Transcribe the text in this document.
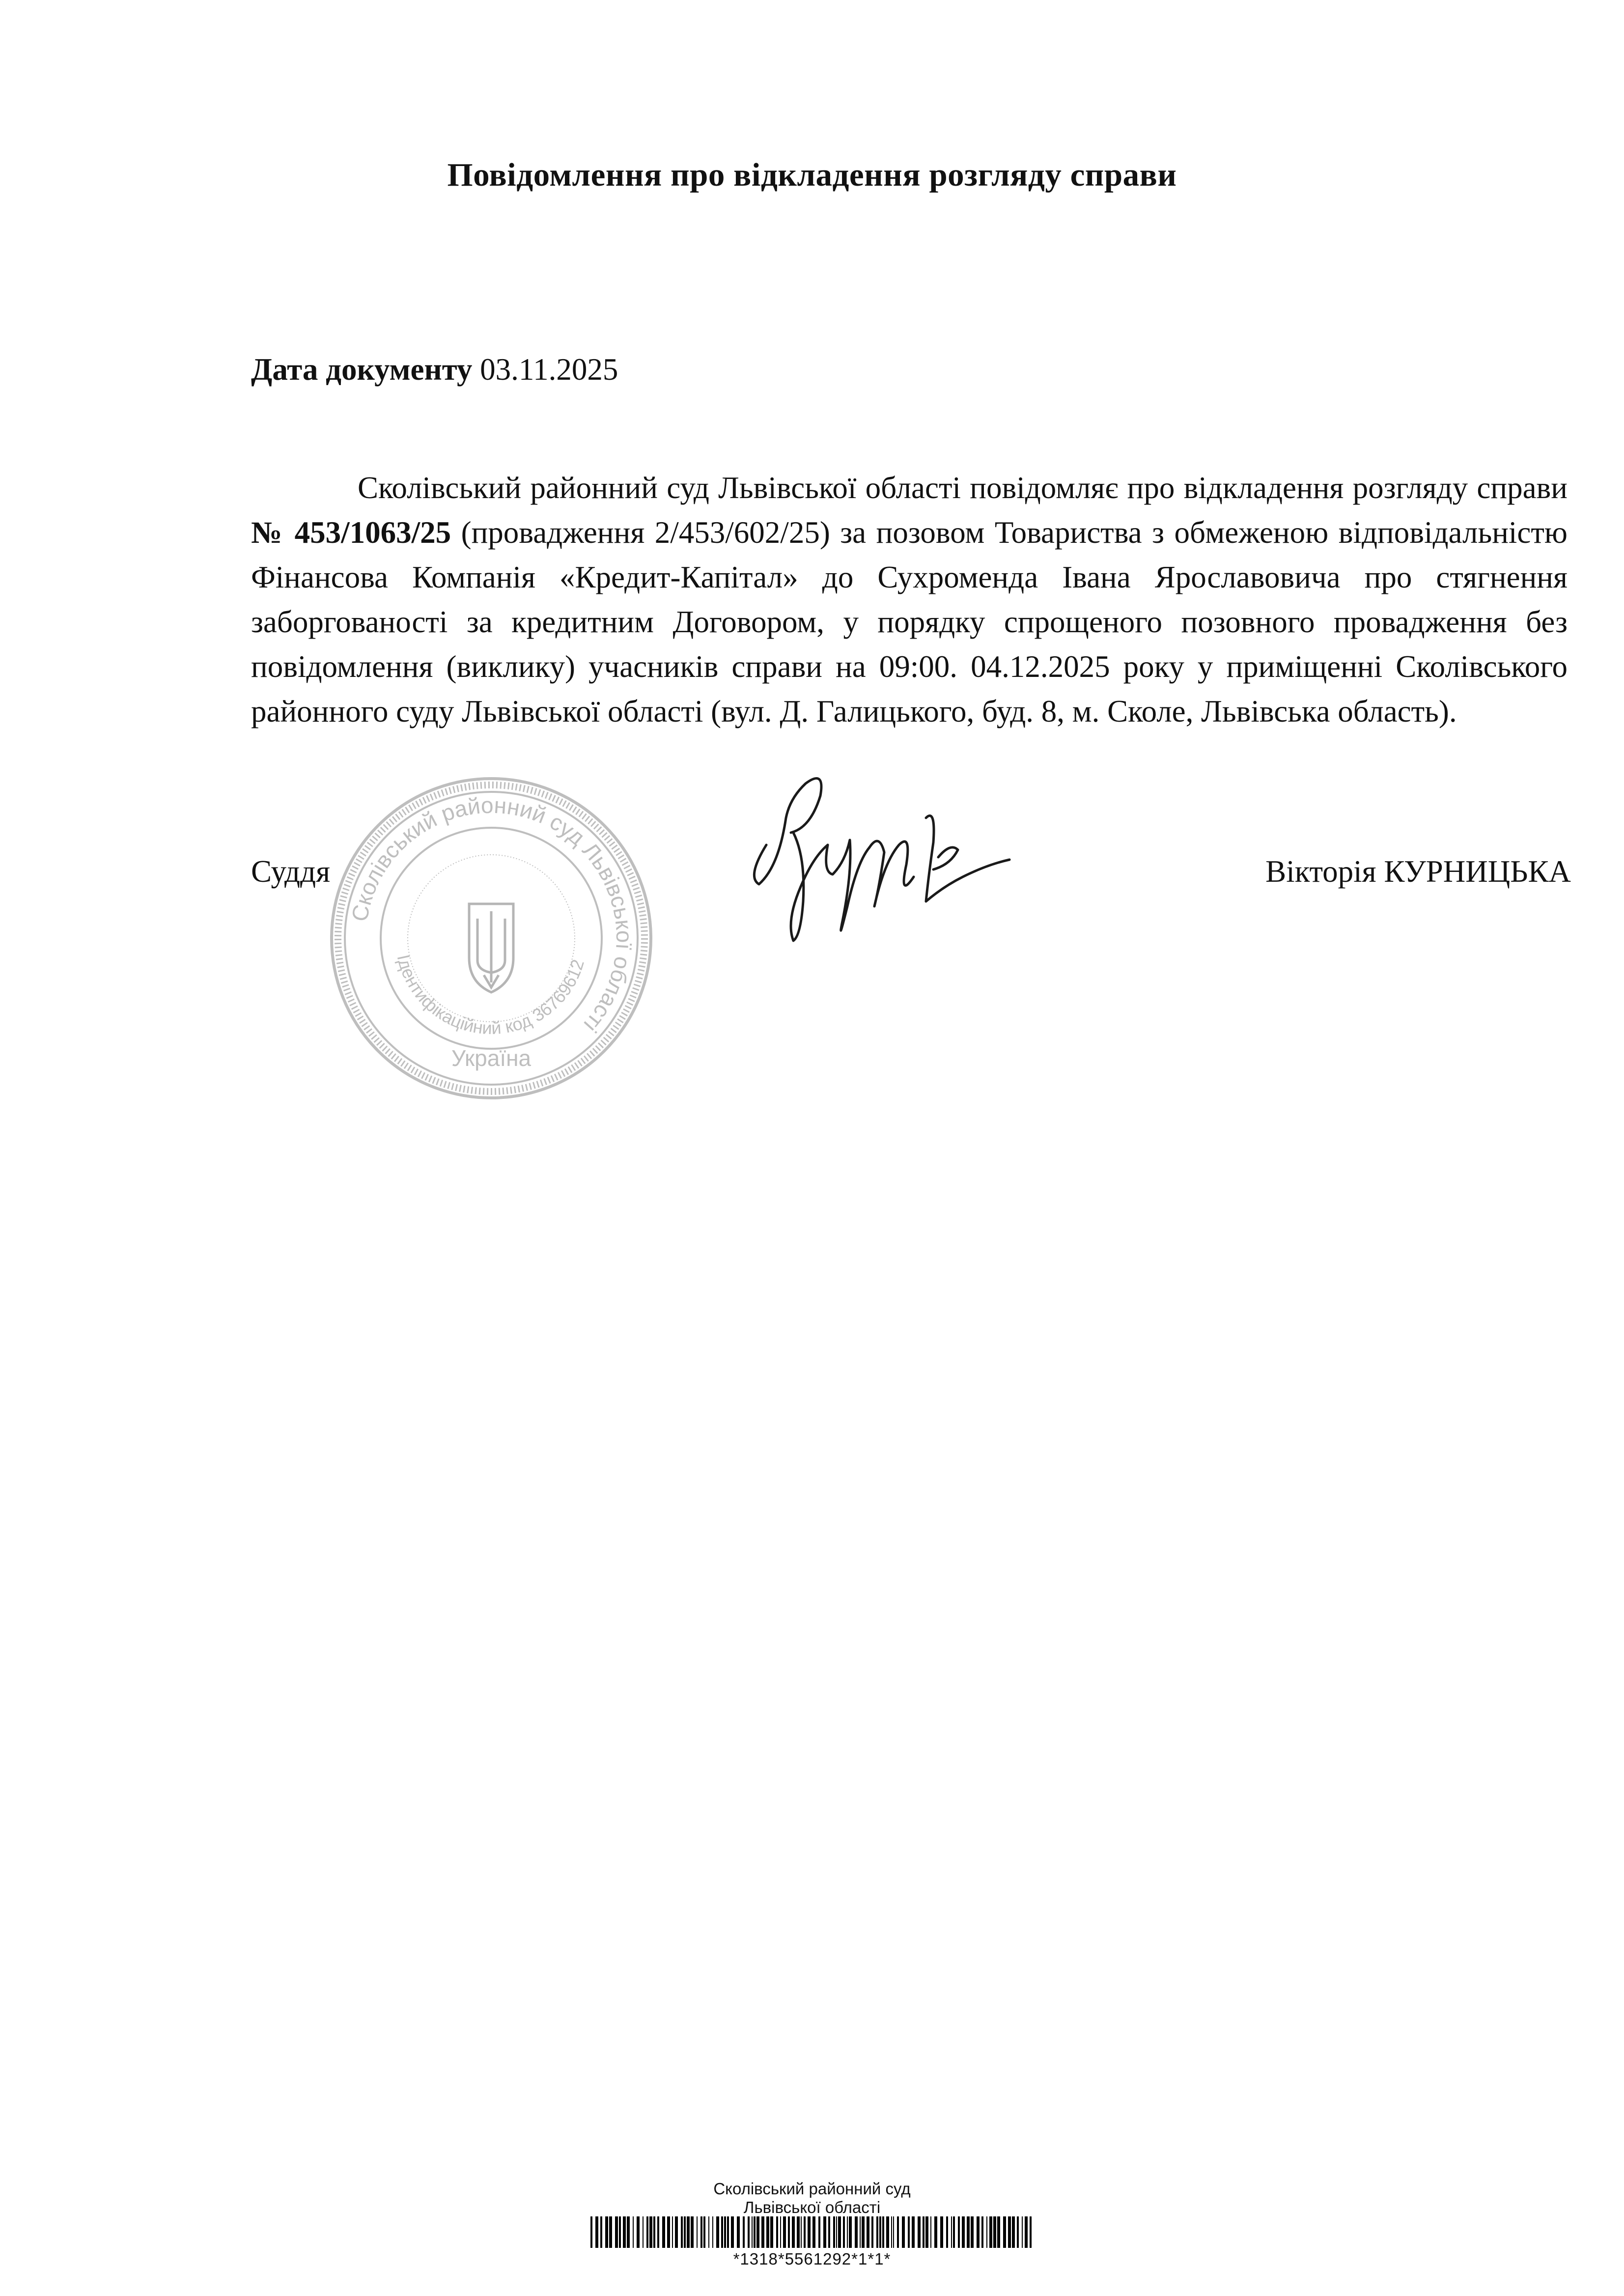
Повідомлення про відкладення розгляду справи
Дата документу 03.11.2025
Сколівський районний суд Львівської області повідомляє про відкладення розгляду справи № 453/1063/25 (провадження 2/453/602/25) за позовом Товариства з обмеженою відповідальністю Фінансова Компанія «Кредит-Капітал» до Сухроменда Івана Ярославовича про стягнення заборгованості за кредитним Договором, у порядку спрощеного позовного провадження без повідомлення (виклику) учасників справи на 09:00. 04.12.2025 року у приміщенні Сколівського районного суду Львівської області (вул. Д. Галицького, буд. 8, м. Сколе, Львівська область).
Суддя	Вікторія КУРНИЦЬКА
Сколівський районний суд Львівської області
Ідентифікаційний код 36769612
Україна
Сколівський районний суд
Львівської області
*1318*5561292*1*1*
